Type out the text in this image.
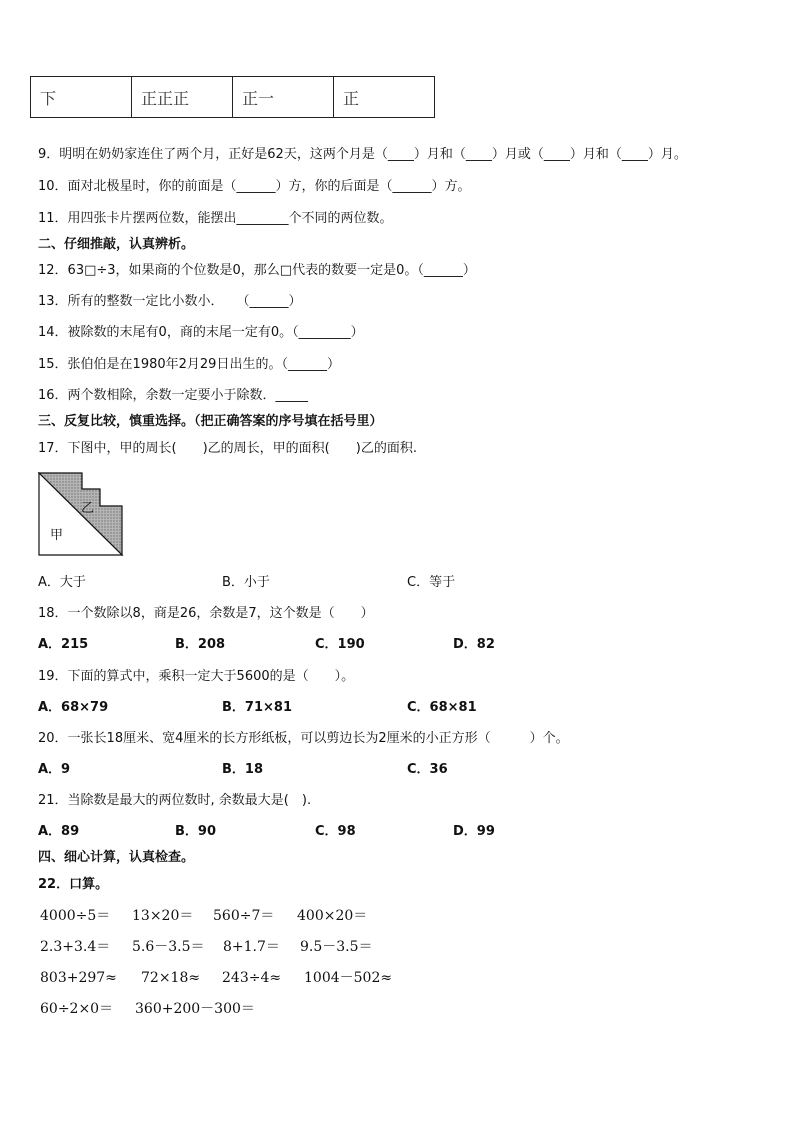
下	正正正	正一	正
9．明明在奶奶家连住了两个月，正好是62天，这两个月是（____）月和（____）月或（____）月和（____）月。
10．面对北极星时，你的前面是（______）方，你的后面是（______）方。
11．用四张卡片摆两位数，能摆出________个不同的两位数。
二、仔细推敲，认真辨析。
12．63□÷3，如果商的个位数是0，那么□代表的数要一定是0。（______）
13．所有的整数一定比小数小．　　（______）
14．被除数的末尾有0，商的末尾一定有0。（________）
15．张伯伯是在1980年2月29日出生的。（______）
16．两个数相除，余数一定要小于除数．_____
三、反复比较，慎重选择。（把正确答案的序号填在括号里）
17．下图中，甲的周长(　　)乙的周长，甲的面积(　　)乙的面积.
甲
乙
A．大于	B．小于	C．等于
18．一个数除以8，商是26，余数是7，这个数是（　　）
A．215	B．208	C．190	D．82
19．下面的算式中，乘积一定大于5600的是（　　）。
A．68×79	B．71×81	C．68×81
20．一张长18厘米、宽4厘米的长方形纸板，可以剪边长为2厘米的小正方形（　　　）个。
A．9	B．18	C．36
21．当除数是最大的两位数时, 余数最大是(　).
A．89	B．90	C．98	D．99
四、细心计算，认真检查。
22．口算。
4000÷5＝ 13×20＝ 560÷7＝ 400×20＝
2.3+3.4＝ 5.6－3.5＝ 8+1.7＝ 9.5－3.5＝
803+297≈ 72×18≈ 243÷4≈ 1004－502≈
60÷2×0＝ 360+200－300＝
